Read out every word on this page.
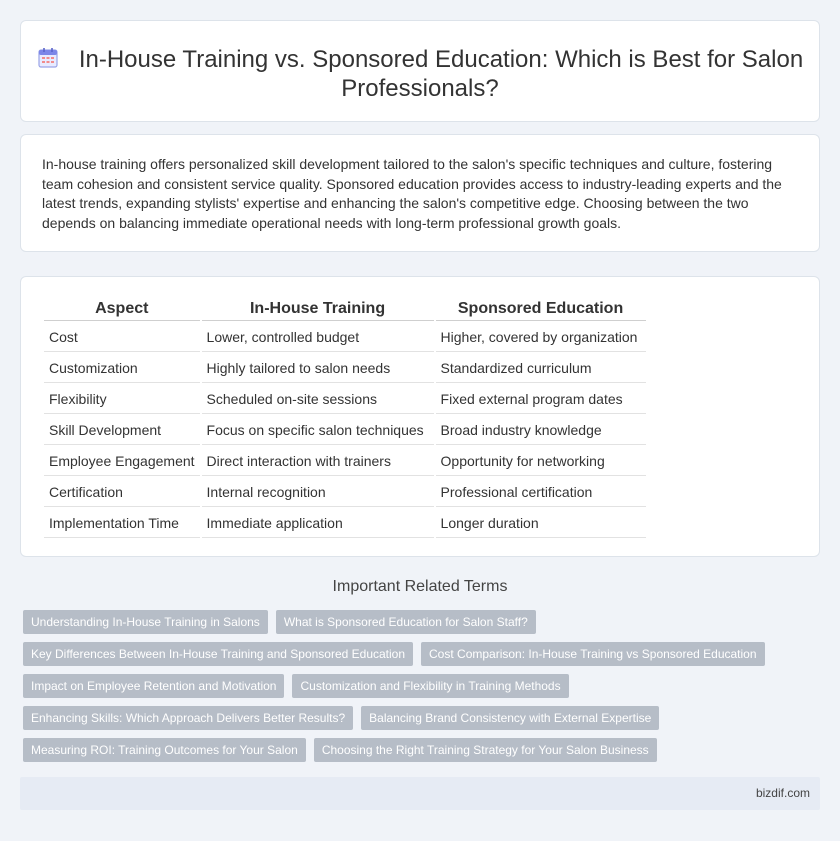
In-House Training vs. Sponsored Education: Which is Best for Salon Professionals?

In-house training offers personalized skill development tailored to the salon's specific techniques and culture, fostering team cohesion and consistent service quality. Sponsored education provides access to industry-leading experts and the latest trends, expanding stylists' expertise and enhancing the salon's competitive edge. Choosing between the two depends on balancing immediate operational needs with long-term professional growth goals.

Aspect	In-House Training	Sponsored Education
Cost	Lower, controlled budget	Higher, covered by organization
Customization	Highly tailored to salon needs	Standardized curriculum
Flexibility	Scheduled on-site sessions	Fixed external program dates
Skill Development	Focus on specific salon techniques	Broad industry knowledge
Employee Engagement	Direct interaction with trainers	Opportunity for networking
Certification	Internal recognition	Professional certification
Implementation Time	Immediate application	Longer duration
Important Related Terms
Understanding In-House Training in Salons	What is Sponsored Education for Salon Staff?
Key Differences Between In-House Training and Sponsored Education	Cost Comparison: In-House Training vs Sponsored Education
Impact on Employee Retention and Motivation	Customization and Flexibility in Training Methods
Enhancing Skills: Which Approach Delivers Better Results?	Balancing Brand Consistency with External Expertise
Measuring ROI: Training Outcomes for Your Salon	Choosing the Right Training Strategy for Your Salon Business
bizdif.com
